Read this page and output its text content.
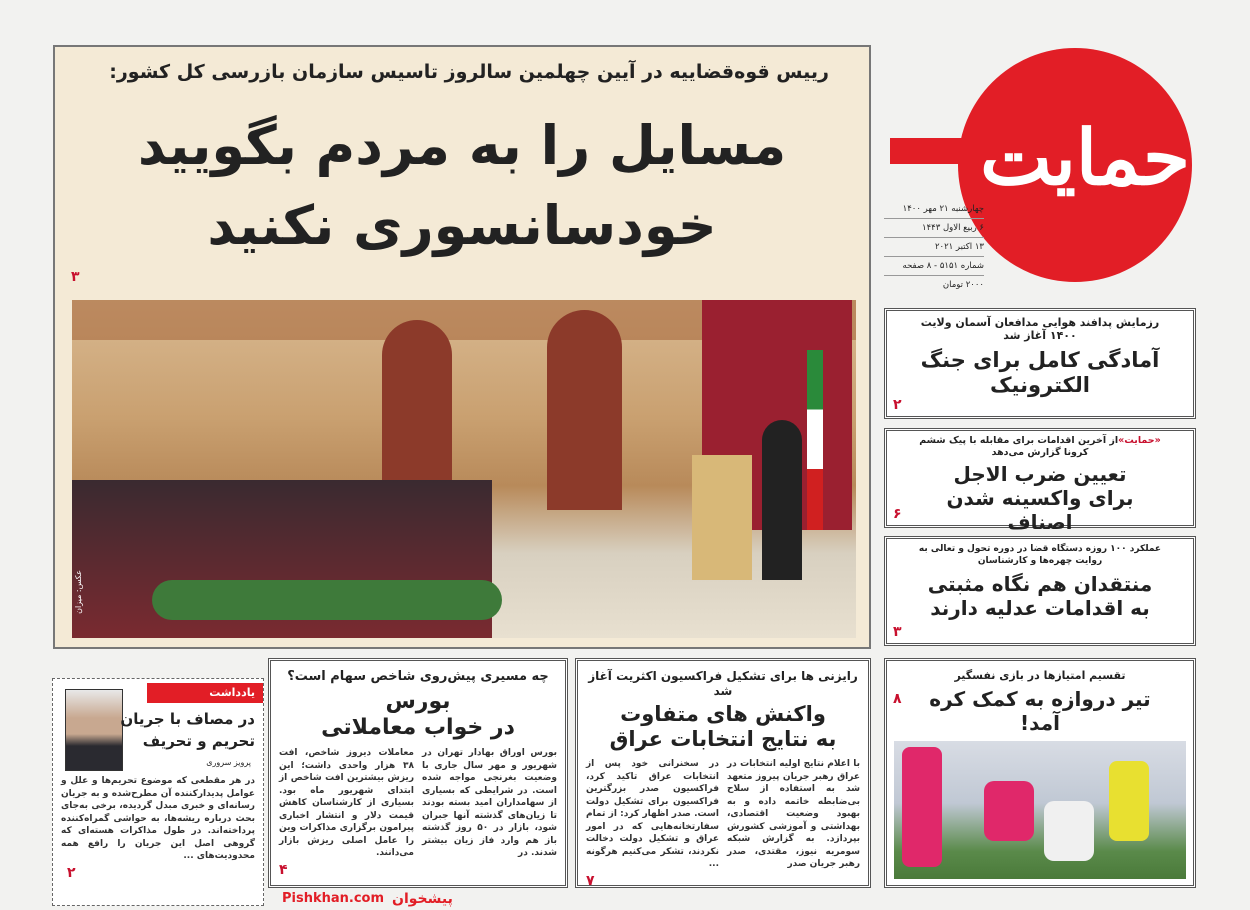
حمایت
چهارشنبه ۲۱ مهر ۱۴۰۰
۶ ربیع الاول ۱۴۴۳
۱۳ اکتبر ۲۰۲۱
شماره ۵۱۵۱ - ۸ صفحه
۲۰۰۰ تومان
رییس قوه‌قضاییه در آیین چهلمین سالروز تاسیس سازمان بازرسی کل کشور:
مسایل را به مردم بگویید
خودسانسوری نکنید
۳
عکس: میزان
رزمایش پدافند هوایی مدافعان آسمان ولایت ۱۴۰۰ آغاز شد
آمادگی کامل برای جنگ الکترونیک
۲
«حمایت»از آخرین اقدامات برای مقابله با پیک ششم کرونا گزارش می‌دهد
تعیین ضرب الاجل
برای واکسینه شدن اصناف
۶
عملکرد ۱۰۰ روزه دستگاه قضا در دوره تحول و تعالی به روایت چهره‌ها و کارشناسان
منتقدان هم نگاه مثبتی
به اقدامات عدلیه دارند
۳
تقسیم امتیازها در بازی نفسگیر
تیر دروازه به کمک کره آمد!
۸
یادداشت
در مصاف با جریان
تحریم و تحریف
پرویز سروری
در هر مقطعی که موضوع تحریم‌ها و علل و عوامل پدیدارکننده آن مطرح‌شده و به جریان رسانه‌ای و خبری مبدل گردیده، برخی به‌جای بحث درباره ریشه‌ها، به حواشی گمراه‌کننده پرداخته‌اند. در طول مذاکرات هسته‌ای که گروهی اصل این جریان را رافع همه محدودیت‌های ...
۲
چه مسیری پیش‌روی شاخص سهام است؟
بورس
در خواب معاملاتی
بورس اوراق بهادار تهران در شهریور و مهر سال جاری با وضعیت بغرنجی مواجه شده است. در شرایطی که بسیاری از سهامداران امید بسته بودند تا زیان‌های گذشته آنها جبران شود، بازار در ۵۰ روز گذشته باز هم وارد فاز زیان بیشتر شدند. در
معاملات دیروز شاخص، افت ۳۸ هزار واحدی داشت؛ این ریزش بیشترین افت شاخص از ابتدای شهریور ماه بود. بسیاری از کارشناسان کاهش قیمت دلار و انتشار اخباری پیرامون برگزاری مذاکرات وین را عامل اصلی ریزش بازار می‌دانند.
۴
Pishkhan.com پیشخوان
رایزنی ها برای تشکیل فراکسیون اکثریت آغاز شد
واکنش های متفاوت
به نتایج انتخابات عراق
با اعلام نتایج اولیه انتخابات در عراق رهبر جریان پیروز متعهد شد به استفاده از سلاح بی‌ضابطه خاتمه داده و به بهبود وضعیت اقتصادی، بهداشتی و آموزشی کشورش بپردازد. به گزارش شبکه سومریه نیوز، مقتدی، صدر رهبر جریان صدر
در سخنرانی خود پس از انتخابات عراق تاکید کرد، فراکسیون صدر بزرگترین فراکسیون برای تشکیل دولت است. صدر اظهار کرد: از تمام سفارتخانه‌هایی که در امور عراق و تشکیل دولت دخالت نکردند، تشکر می‌کنیم هرگونه ...
۷
